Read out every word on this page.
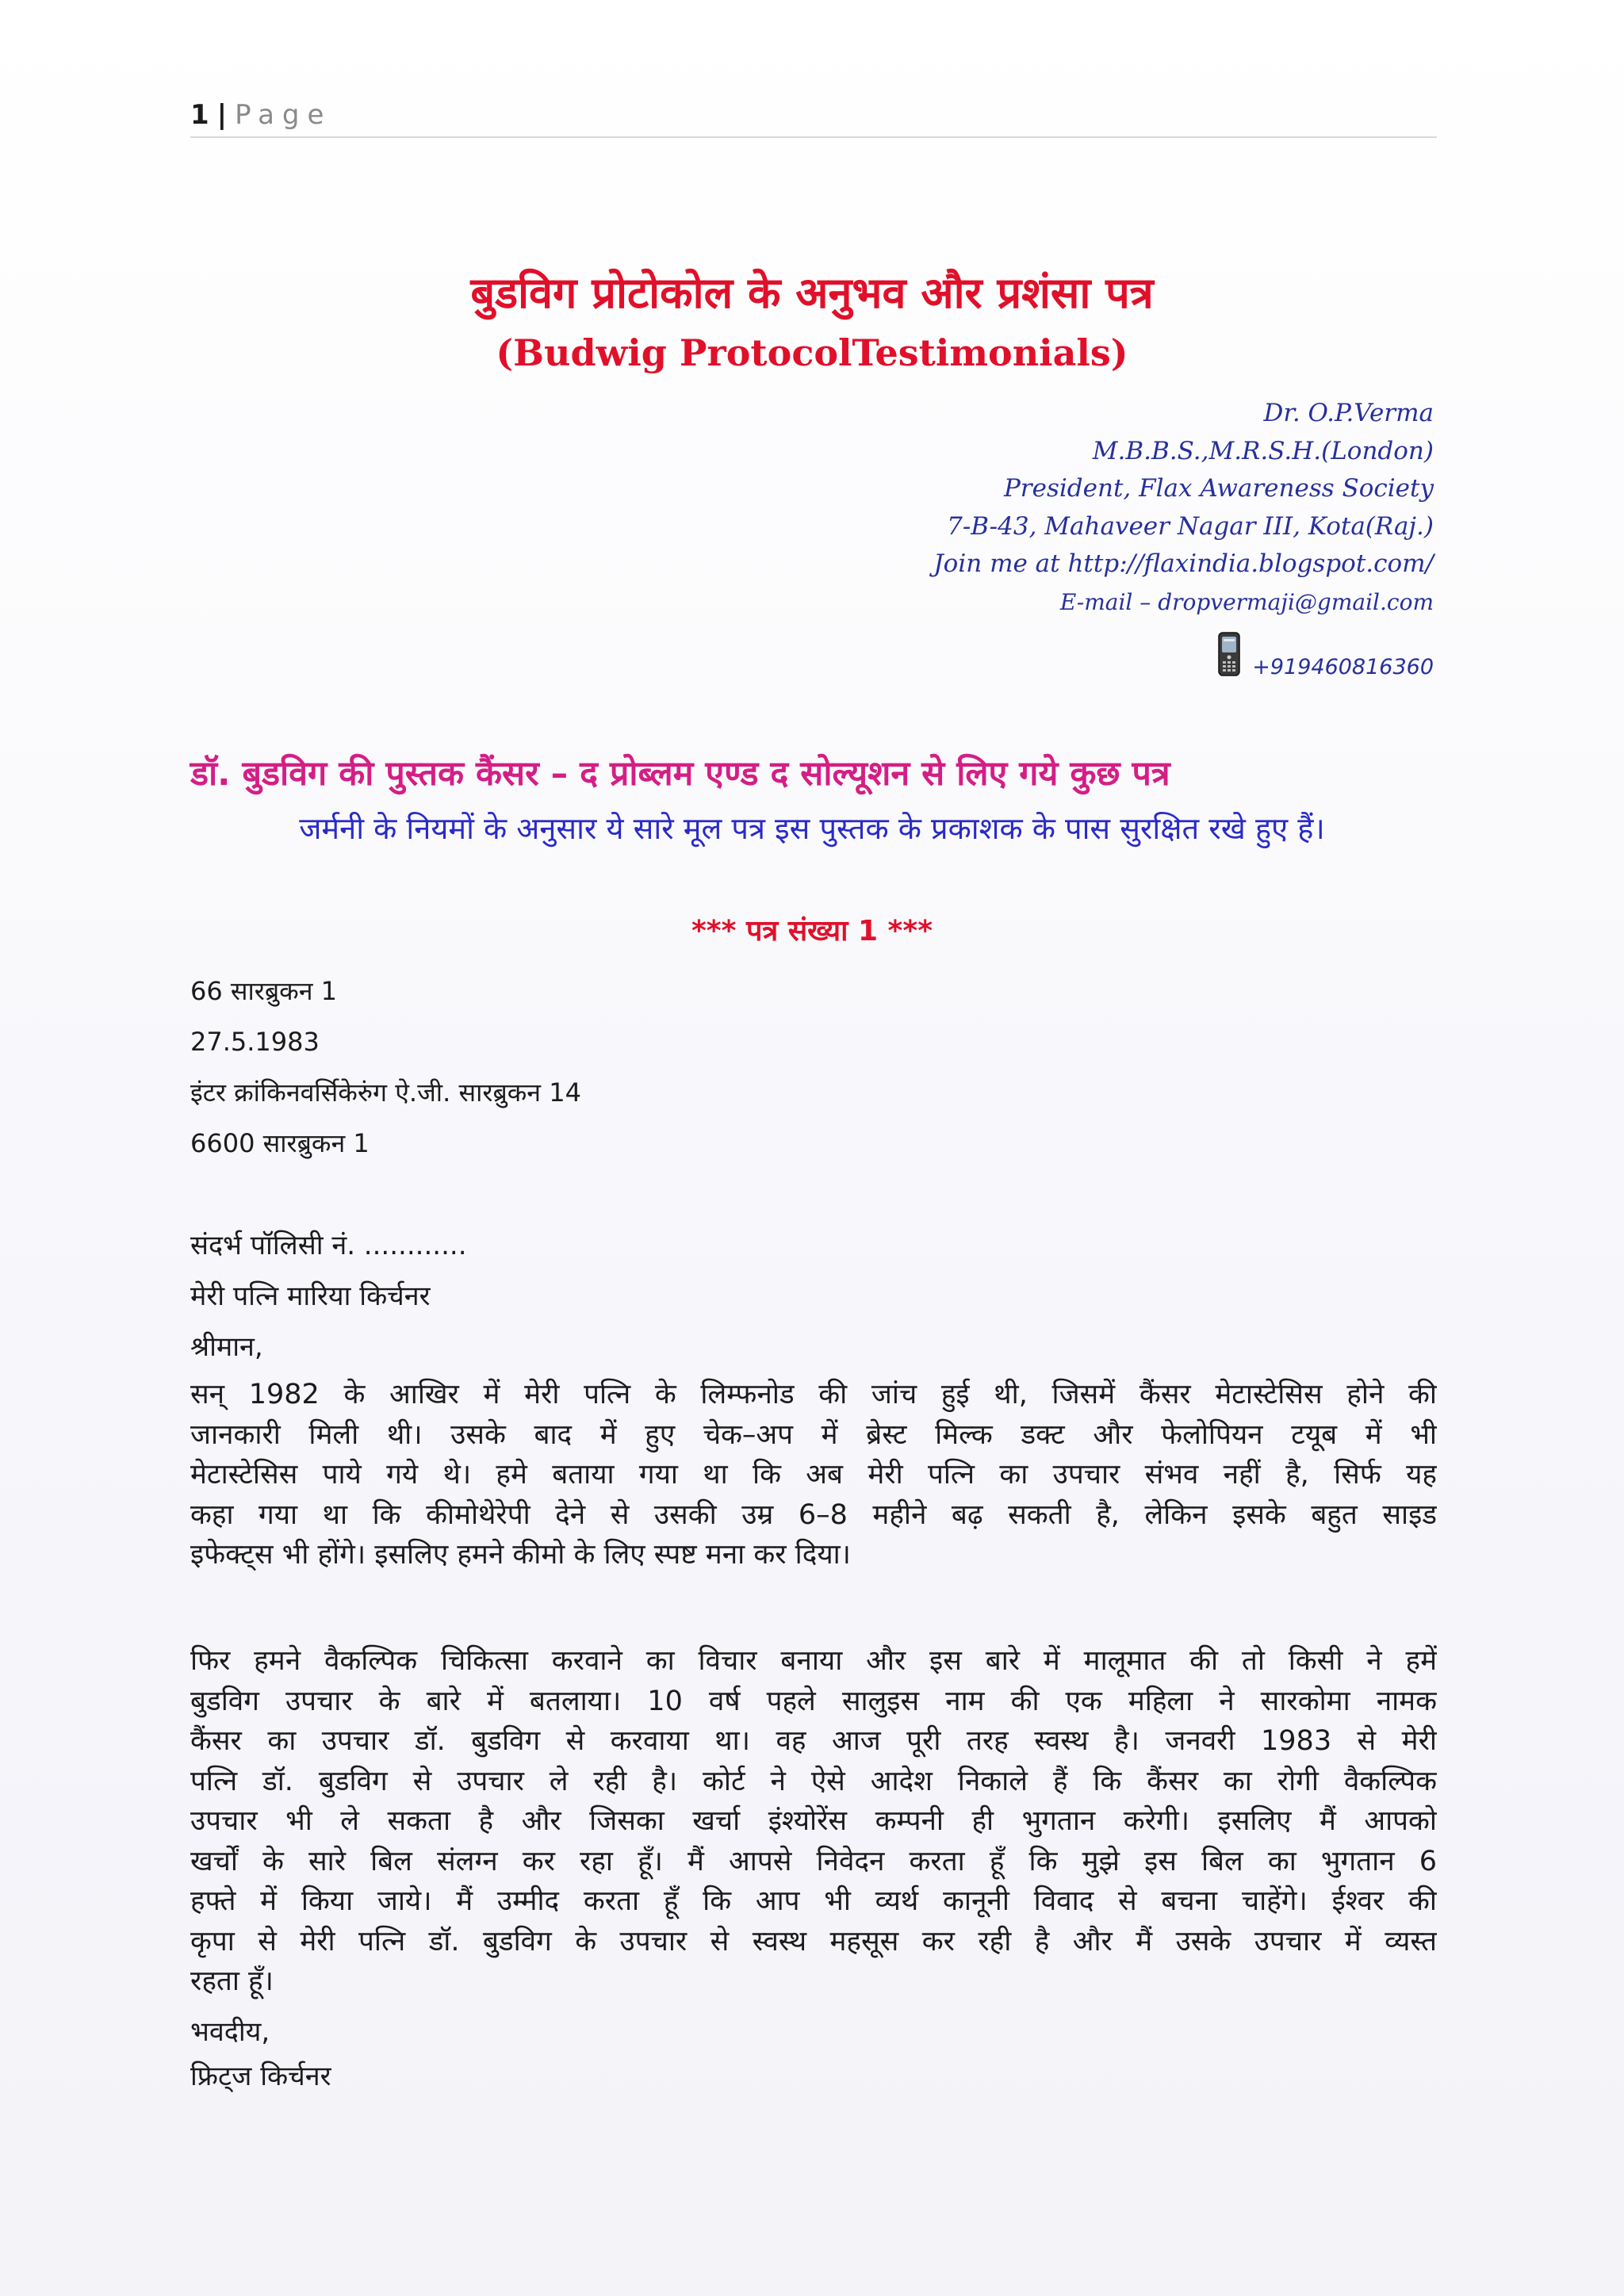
1 | Page
बुडविग प्रोटोकोल के अनुभव और प्रशंसा पत्र
(Budwig ProtocolTestimonials)
Dr. O.P.Verma
M.B.B.S.,M.R.S.H.(London)
President, Flax Awareness Society
7-B-43, Mahaveer Nagar III, Kota(Raj.)
Join me at http://flaxindia.blogspot.com/
E-mail – dropvermaji@gmail.com
+919460816360
डॉ. बुडविग की पुस्तक कैंसर – द प्रोब्लम एण्ड द सोल्यूशन से लिए गये कुछ पत्र
जर्मनी के नियमों के अनुसार ये सारे मूल पत्र इस पुस्तक के प्रकाशक के पास सुरक्षित रखे हुए हैं।
*** पत्र संख्या 1 ***
66 सारब्रुकन 1
27.5.1983
इंटर क्रांकिनवर्सिकेरुंग ऐ.जी. सारब्रुकन 14
6600 सारब्रुकन 1
संदर्भ पॉलिसी नं. ............
मेरी पत्नि मारिया किर्चनर
श्रीमान,
सन् 1982 के आखिर में मेरी पत्नि के लिम्फनोड की जांच हुई थी, जिसमें कैंसर मेटास्टेसिस होने की
जानकारी मिली थी। उसके बाद में हुए चेक–अप में ब्रेस्ट मिल्क डक्ट और फेलोपियन टयूब में भी
मेटास्टेसिस पाये गये थे। हमे बताया गया था कि अब मेरी पत्नि का उपचार संभव नहीं है, सिर्फ यह
कहा गया था कि कीमोथेरेपी देने से उसकी उम्र 6–8 महीने बढ़ सकती है, लेकिन इसके बहुत साइड
इफेक्ट्स भी होंगे। इसलिए हमने कीमो के लिए स्पष्ट मना कर दिया।
फिर हमने वैकल्पिक चिकित्सा करवाने का विचार बनाया और इस बारे में मालूमात की तो किसी ने हमें
बुडविग उपचार के बारे में बतलाया। 10 वर्ष पहले सालुइस नाम की एक महिला ने सारकोमा नामक
कैंसर का उपचार डॉ. बुडविग से करवाया था। वह आज पूरी तरह स्वस्थ है। जनवरी 1983 से मेरी
पत्नि डॉ. बुडविग से उपचार ले रही है। कोर्ट ने ऐसे आदेश निकाले हैं कि कैंसर का रोगी वैकल्पिक
उपचार भी ले सकता है और जिसका खर्चा इंश्योरेंस कम्पनी ही भुगतान करेगी। इसलिए मैं आपको
खर्चों के सारे बिल संलग्न कर रहा हूँ। मैं आपसे निवेदन करता हूँ कि मुझे इस बिल का भुगतान 6
हफ्ते में किया जाये। मैं उम्मीद करता हूँ कि आप भी व्यर्थ कानूनी विवाद से बचना चाहेंगे। ईश्वर की
कृपा से मेरी पत्नि डॉ. बुडविग के उपचार से स्वस्थ महसूस कर रही है और मैं उसके उपचार में व्यस्त
रहता हूँ।
भवदीय,
फ्रिट्ज किर्चनर
